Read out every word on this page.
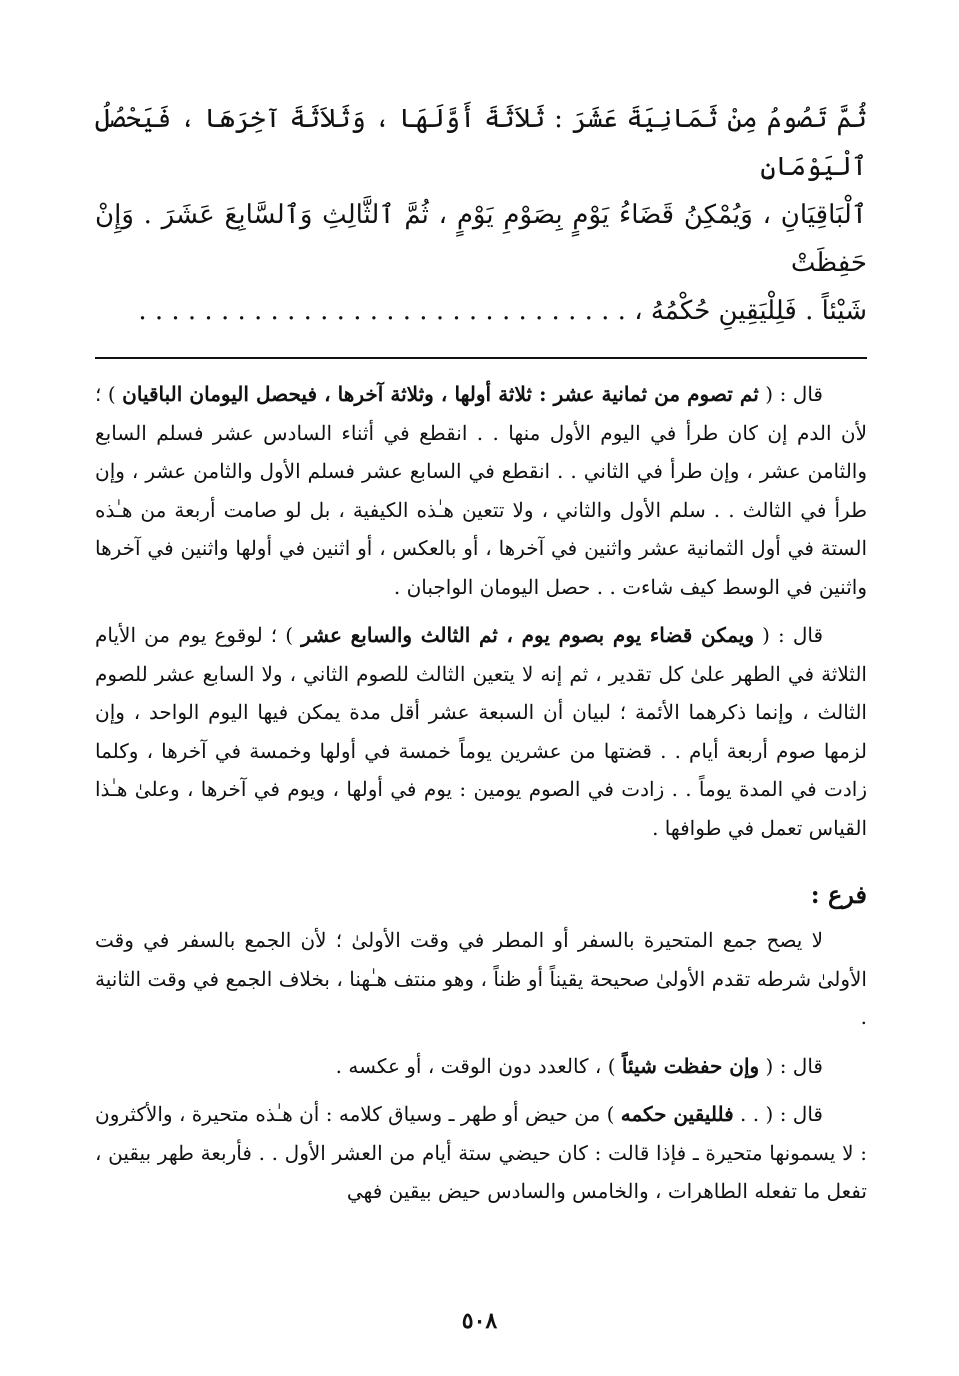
ثُمَّ تَصُومُ مِنْ ثَمَانِيَةَ عَشَرَ : ثَلاَثَةَ أَوَّلَهَا ، وَثَلاَثَةَ آخِرَهَا ، فَيَحْصُلُ ٱلْيَوْمَانِ
ٱلْبَاقِيَانِ ، وَيُمْكِنُ قَضَاءُ يَوْمٍ بِصَوْمِ يَوْمٍ ، ثُمَّ ٱلثَّالِثِ وَٱلسَّابِعَ عَشَرَ . وَإِنْ حَفِظَتْ
شَيْئاً . فَلِلْيَقِينِ حُكْمُهُ ، . . . . . . . . . . . . . . . . . . . . . . . . . . . . . .

قال : ( ثم تصوم من ثمانية عشر : ثلاثة أولها ، وثلاثة آخرها ، فيحصل اليومان الباقيان ) ؛ لأن الدم إن كان طرأ في اليوم الأول منها . . انقطع في أثناء السادس عشر فسلم السابع والثامن عشر ، وإن طرأ في الثاني . . انقطع في السابع عشر فسلم الأول والثامن عشر ، وإن طرأ في الثالث . . سلم الأول والثاني ، ولا تتعين هـٰذه الكيفية ، بل لو صامت أربعة من هـٰذه الستة في أول الثمانية عشر واثنين في آخرها ، أو بالعكس ، أو اثنين في أولها واثنين في آخرها واثنين في الوسط كيف شاءت . . حصل اليومان الواجبان .

قال : ( ويمكن قضاء يوم بصوم يوم ، ثم الثالث والسابع عشر ) ؛ لوقوع يوم من الأيام الثلاثة في الطهر علىٰ كل تقدير ، ثم إنه لا يتعين الثالث للصوم الثاني ، ولا السابع عشر للصوم الثالث ، وإنما ذكرهما الأئمة ؛ لبيان أن السبعة عشر أقل مدة يمكن فيها اليوم الواحد ، وإن لزمها صوم أربعة أيام . . قضتها من عشرين يوماً خمسة في أولها وخمسة في آخرها ، وكلما زادت في المدة يوماً . . زادت في الصوم يومين : يوم في أولها ، ويوم في آخرها ، وعلىٰ هـٰذا القياس تعمل في طوافها .

فرع :

لا يصح جمع المتحيرة بالسفر أو المطر في وقت الأولىٰ ؛ لأن الجمع بالسفر في وقت الأولىٰ شرطه تقدم الأولىٰ صحيحة يقيناً أو ظناً ، وهو منتف هـٰهنا ، بخلاف الجمع في وقت الثانية .

قال : ( وإن حفظت شيئاً ) ، كالعدد دون الوقت ، أو عكسه .

قال : ( . . فلليقين حكمه ) من حيض أو طهر ـ وسياق كلامه : أن هـٰذه متحيرة ، والأكثرون : لا يسمونها متحيرة ـ فإذا قالت : كان حيضي ستة أيام من العشر الأول . . فأربعة طهر بيقين ، تفعل ما تفعله الطاهرات ، والخامس والسادس حيض بيقين فهي

٥٠٨
